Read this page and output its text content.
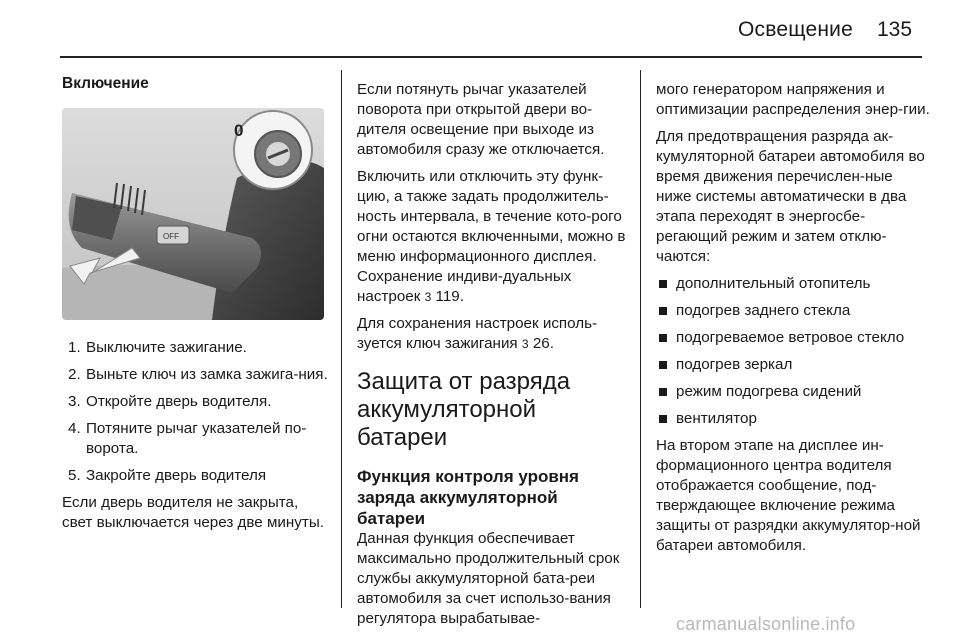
Освещение 135
Включение
OFF
0
1. Выключите зажигание.
2. Выньте ключ из замка зажига-ния.
3. Откройте дверь водителя.
4. Потяните рычаг указателей по-ворота.
5. Закройте дверь водителя

Если дверь водителя не закрыта, свет выключается через две минуты.

Если потянуть рычаг указателей поворота при открытой двери во-дителя освещение при выходе из автомобиля сразу же отключается.

Включить или отключить эту функ-цию, а также задать продолжитель-ность интервала, в течение кото-рого огни остаются включенными, можно в меню информационного дисплея. Сохранение индиви-дуальных настроек 3 119.

Для сохранения настроек исполь-зуется ключ зажигания 3 26.

Защита от разряда аккумуляторной батареи
Функция контроля уровня заряда аккумуляторной батареи

Данная функция обеспечивает максимально продолжительный срок службы аккумуляторной бата-реи автомобиля за счет использо-вания регулятора вырабатывае-

мого генератором напряжения и оптимизации распределения энер-гии.

Для предотвращения разряда ак-кумуляторной батареи автомобиля во время движения перечислен-ные ниже системы автоматически в два этапа переходят в энергосбе-регающий режим и затем отклю-чаются:

дополнительный отопитель
подогрев заднего стекла
подогреваемое ветровое стекло
подогрев зеркал
режим подогрева сидений
вентилятор

На втором этапе на дисплее ин-формационного центра водителя отображается сообщение, под-тверждающее включение режима защиты от разрядки аккумулятор-ной батареи автомобиля.

carmanualsonline.info
